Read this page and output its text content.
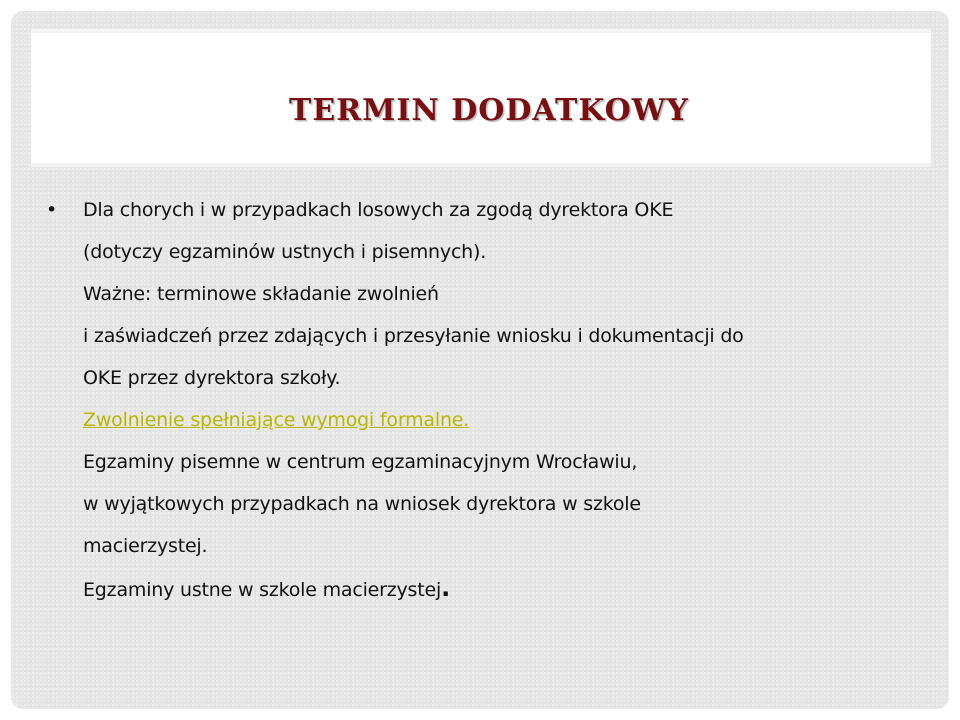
TERMIN DODATKOWY
• Dla chorych i w przypadkach losowych za zgodą dyrektora OKE
(dotyczy egzaminów ustnych i pisemnych).
Ważne: terminowe składanie zwolnień
i zaświadczeń przez zdających i przesyłanie wniosku i dokumentacji do
OKE przez dyrektora szkoły.
Zwolnienie spełniające wymogi formalne.
Egzaminy pisemne w centrum egzaminacyjnym Wrocławiu,
w wyjątkowych przypadkach na wniosek dyrektora w szkole
macierzystej.
Egzaminy ustne w szkole macierzystej.
